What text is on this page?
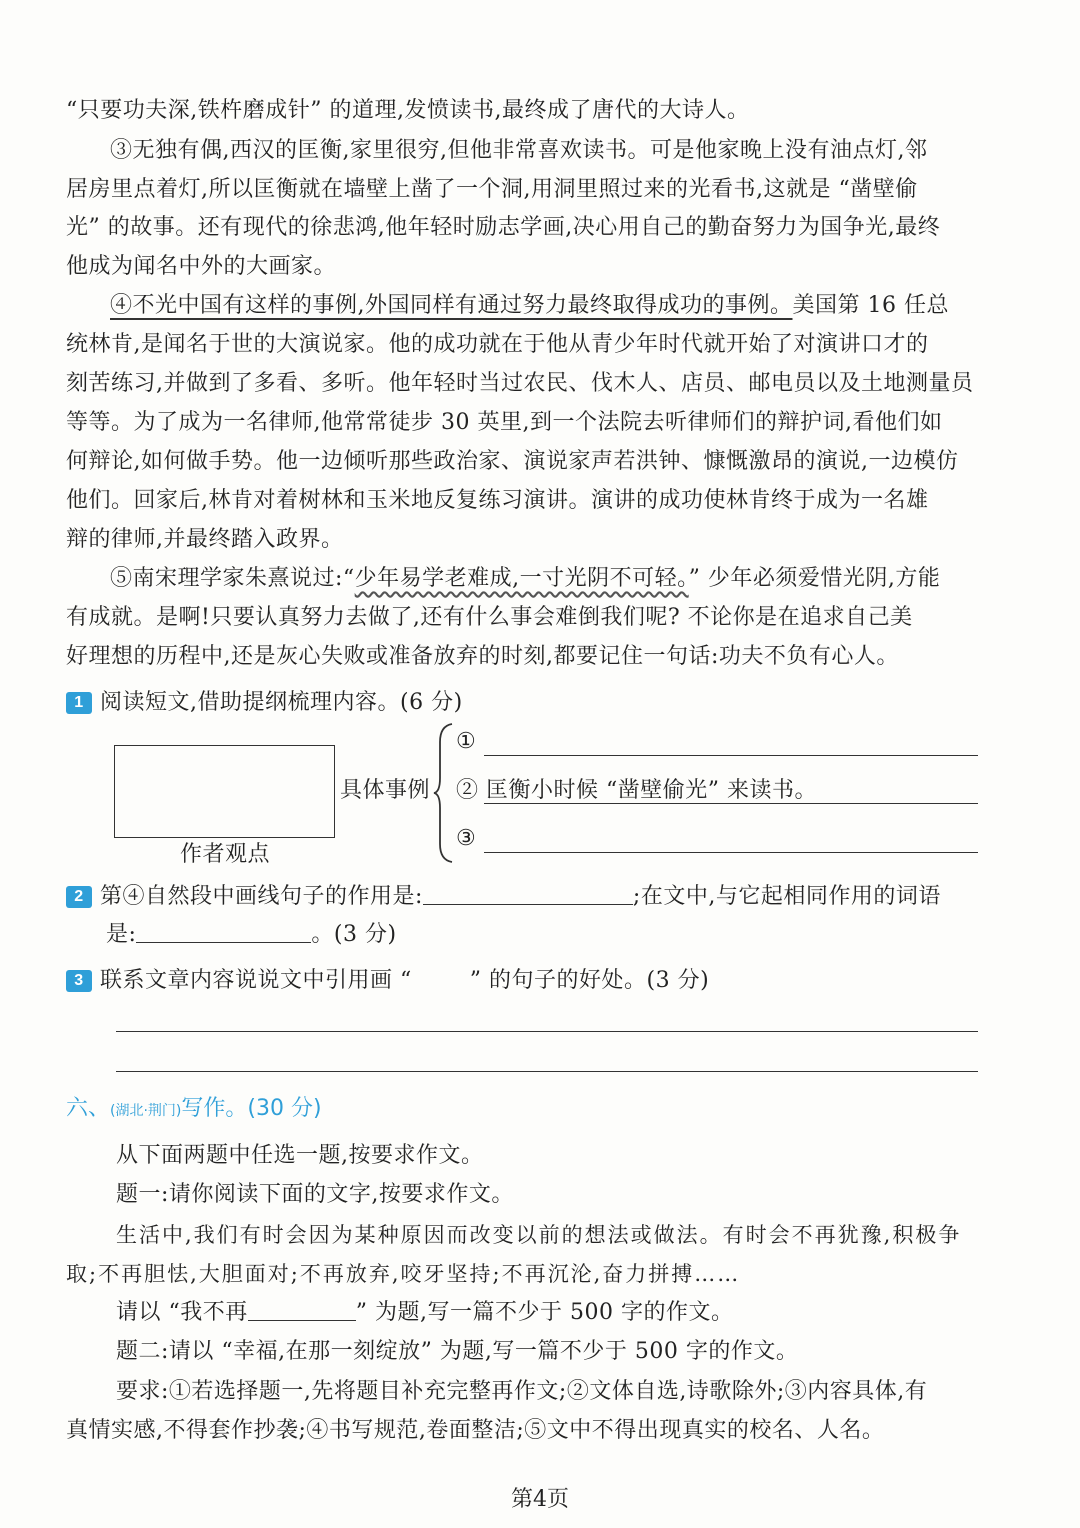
“只要功夫深,铁杵磨成针” 的道理,发愤读书,最终成了唐代的大诗人。
③无独有偶,西汉的匡衡,家里很穷,但他非常喜欢读书。可是他家晚上没有油点灯,邻
居房里点着灯,所以匡衡就在墙壁上凿了一个洞,用洞里照过来的光看书,这就是 “凿壁偷
光” 的故事。还有现代的徐悲鸿,他年轻时励志学画,决心用自己的勤奋努力为国争光,最终
他成为闻名中外的大画家。
④不光中国有这样的事例,外国同样有通过努力最终取得成功的事例。美国第 16 任总
统林肯,是闻名于世的大演说家。他的成功就在于他从青少年时代就开始了对演讲口才的
刻苦练习,并做到了多看、多听。他年轻时当过农民、伐木人、店员、邮电员以及土地测量员
等等。为了成为一名律师,他常常徒步 30 英里,到一个法院去听律师们的辩护词,看他们如
何辩论,如何做手势。他一边倾听那些政治家、演说家声若洪钟、慷慨激昂的演说,一边模仿
他们。回家后,林肯对着树林和玉米地反复练习演讲。演讲的成功使林肯终于成为一名雄
辩的律师,并最终踏入政界。
⑤南宋理学家朱熹说过:“少年易学老难成,一寸光阴不可轻。” 少年必须爱惜光阴,方能
有成就。是啊!只要认真努力去做了,还有什么事会难倒我们呢? 不论你是在追求自己美
好理想的历程中,还是灰心失败或准备放弃的时刻,都要记住一句话:功夫不负有心人。
1 阅读短文,借助提纲梳理内容。(6 分)
作者观点
具体事例
①
② 匡衡小时候 “凿壁偷光” 来读书。
③
2 第④自然段中画线句子的作用是:	;在文中,与它起相同作用的词语
是:	。(3 分)
3 联系文章内容说说文中引用画 “	” 的句子的好处。(3 分)
六、(湖北·荆门)写作。(30 分)
从下面两题中任选一题,按要求作文。
题一:请你阅读下面的文字,按要求作文。
生活中,我们有时会因为某种原因而改变以前的想法或做法。有时会不再犹豫,积极争
取;不再胆怯,大胆面对;不再放弃,咬牙坚持;不再沉沦,奋力拼搏……
请以 “我不再	” 为题,写一篇不少于 500 字的作文。
题二:请以 “幸福,在那一刻绽放” 为题,写一篇不少于 500 字的作文。
要求:①若选择题一,先将题目补充完整再作文;②文体自选,诗歌除外;③内容具体,有
真情实感,不得套作抄袭;④书写规范,卷面整洁;⑤文中不得出现真实的校名、人名。
第4页
